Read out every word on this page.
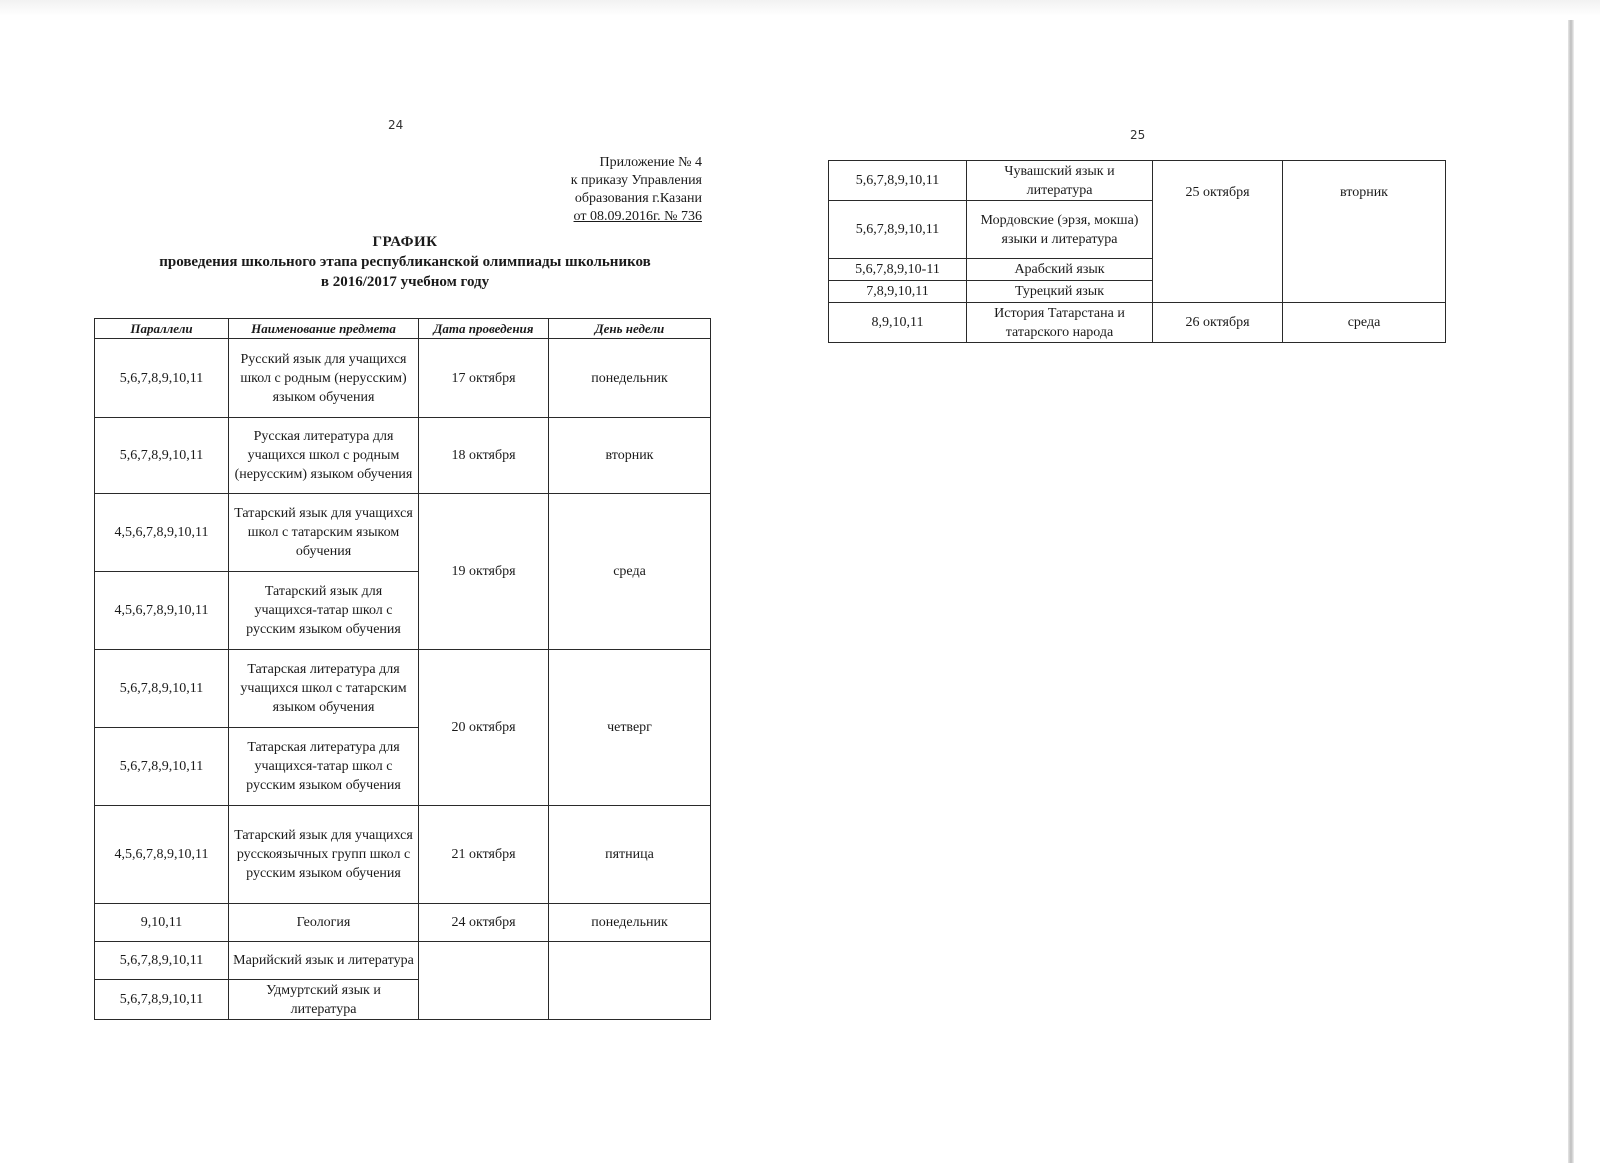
24
Приложение № 4
к приказу Управления
образования г.Казани
от 08.09.2016г. № 736
ГРАФИК
проведения школьного этапа республиканской олимпиады школьников
в 2016/2017 учебном году
Параллели	Наименование предмета	Дата проведения	День недели
5,6,7,8,9,10,11	Русский язык для учащихся школ с родным (нерусским) языком обучения	17 октября	понедельник
5,6,7,8,9,10,11	Русская литература для учащихся школ с родным (нерусским) языком обучения	18 октября	вторник
4,5,6,7,8,9,10,11	Татарский язык для учащихся школ с татарским языком обучения	19 октября	среда
4,5,6,7,8,9,10,11	Татарский язык для учащихся-татар школ с русским языком обучения		
5,6,7,8,9,10,11	Татарская литература для учащихся школ с татарским языком обучения	20 октября	четверг
5,6,7,8,9,10,11	Татарская литература для учащихся-татар школ с русским языком обучения		
4,5,6,7,8,9,10,11	Татарский язык для учащихся русскоязычных групп школ с русским языком обучения	21 октября	пятница
9,10,11	Геология	24 октября	понедельник
5,6,7,8,9,10,11	Марийский язык и литература		
5,6,7,8,9,10,11	Удмуртский язык и литература		
25
5,6,7,8,9,10,11	Чувашский язык и литература	25 октября	вторник
5,6,7,8,9,10,11	Мордовские (эрзя, мокша) языки и литература		
5,6,7,8,9,10-11	Арабский язык		
7,8,9,10,11	Турецкий язык		
8,9,10,11	История Татарстана и татарского народа	26 октября	среда
